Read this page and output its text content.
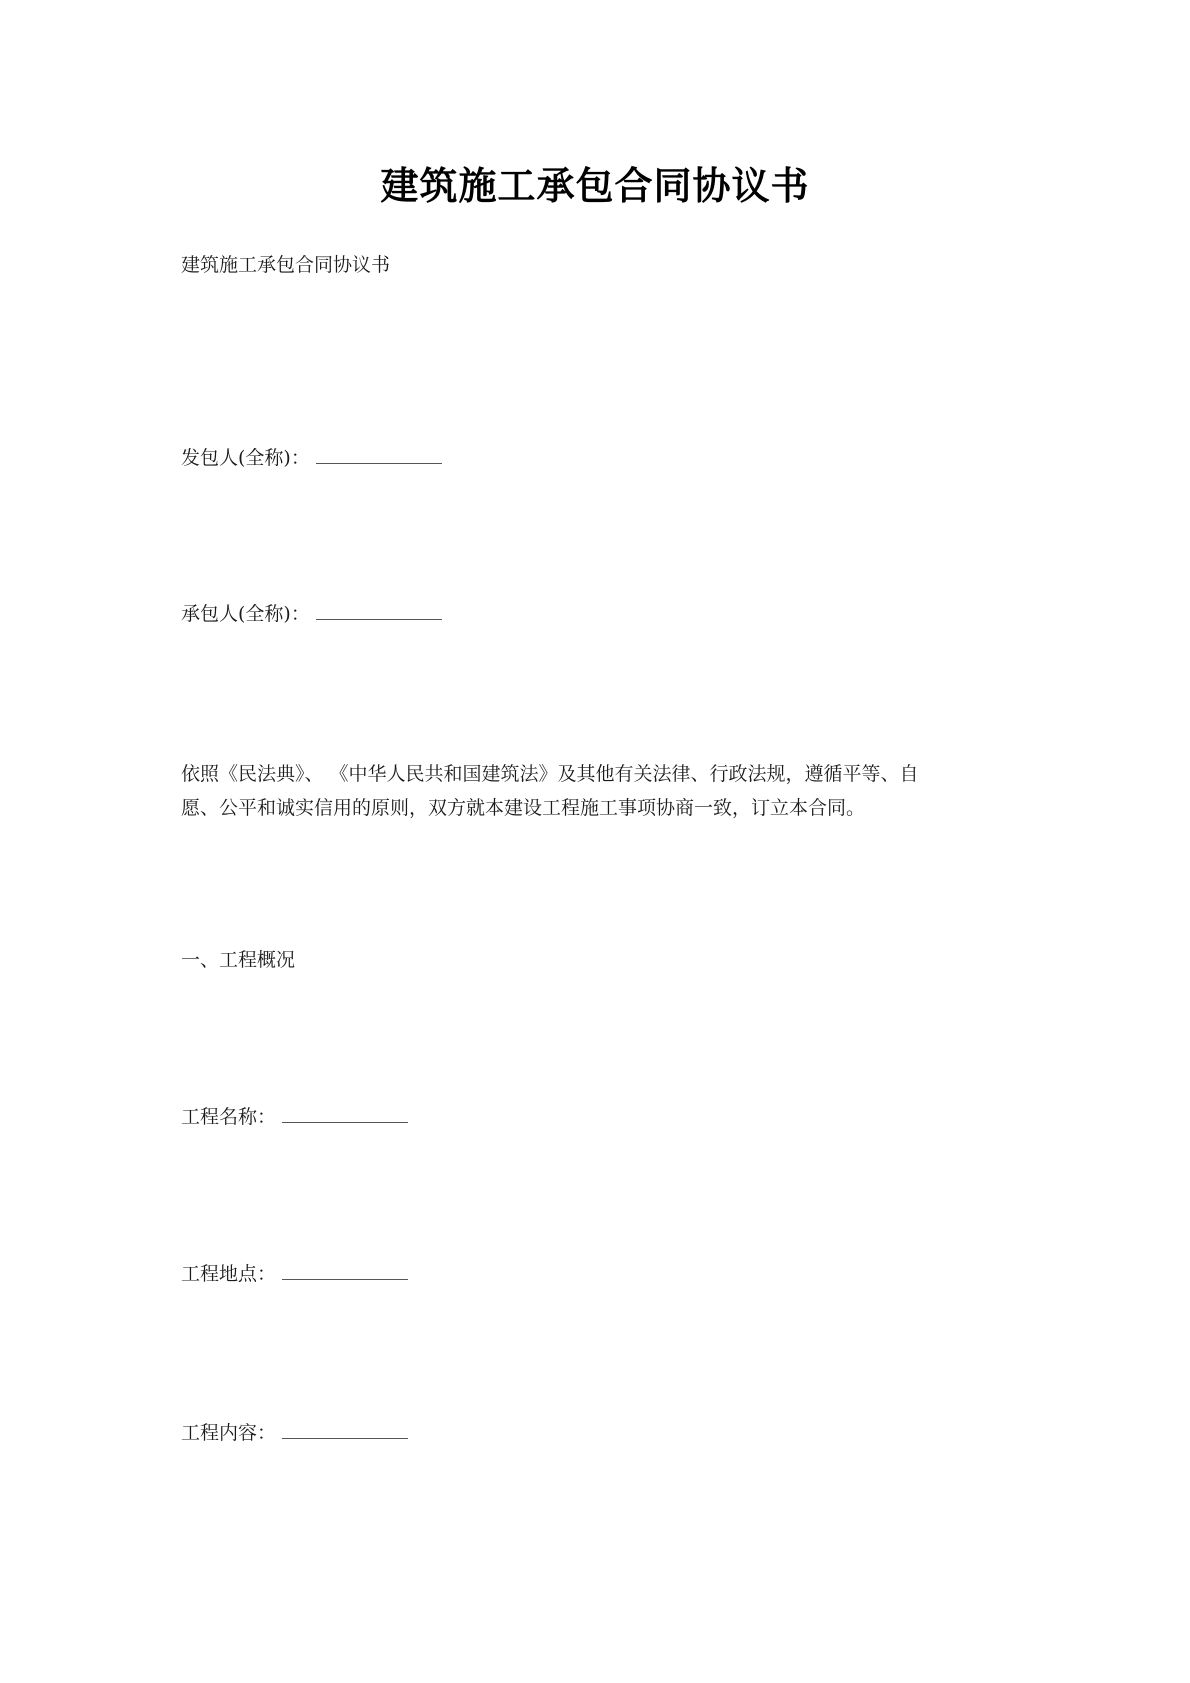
建筑施工承包合同协议书
建筑施工承包合同协议书
发包人(全称)：
承包人(全称)：
依照《民法典》、 《中华人民共和国建筑法》及其他有关法律、行政法规，遵循平等、自
愿、公平和诚实信用的原则，双方就本建设工程施工事项协商一致，订立本合同。
一、工程概况
工程名称：
工程地点：
工程内容：
